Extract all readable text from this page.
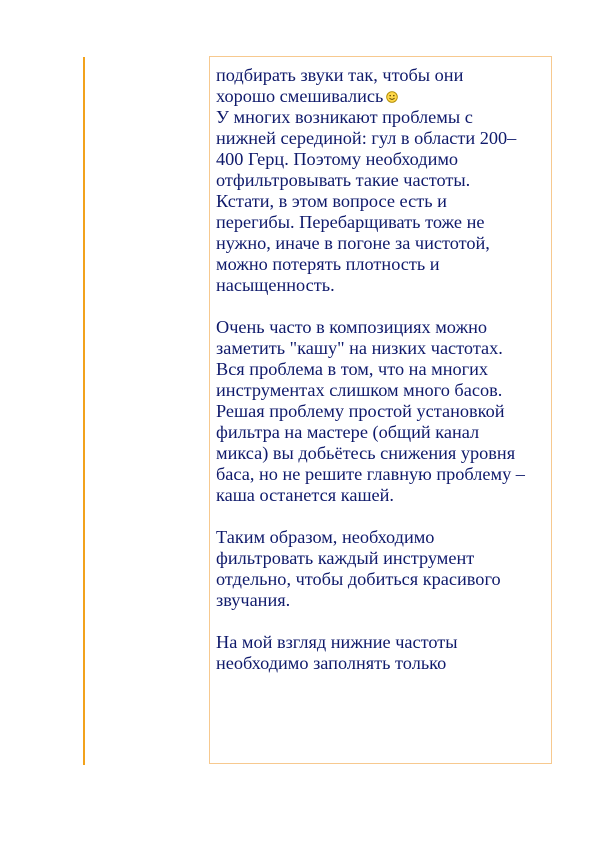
подбирать звуки так, чтобы они
хорошо смешивались

У многих возникают проблемы с
нижней серединой: гул в области 200–
400 Герц. Поэтому необходимо
отфильтровывать такие частоты.
Кстати, в этом вопросе есть и
перегибы. Перебарщивать тоже не
нужно, иначе в погоне за чистотой,
можно потерять плотность и
насыщенность.

Очень часто в композициях можно
заметить "кашу" на низких частотах.
Вся проблема в том, что на многих
инструментах слишком много басов.
Решая проблему простой установкой
фильтра на мастере (общий канал
микса) вы добьётесь снижения уровня
баса, но не решите главную проблему –
каша останется кашей.

Таким образом, необходимо
фильтровать каждый инструмент
отдельно, чтобы добиться красивого
звучания.

На мой взгляд нижние частоты
необходимо заполнять только
